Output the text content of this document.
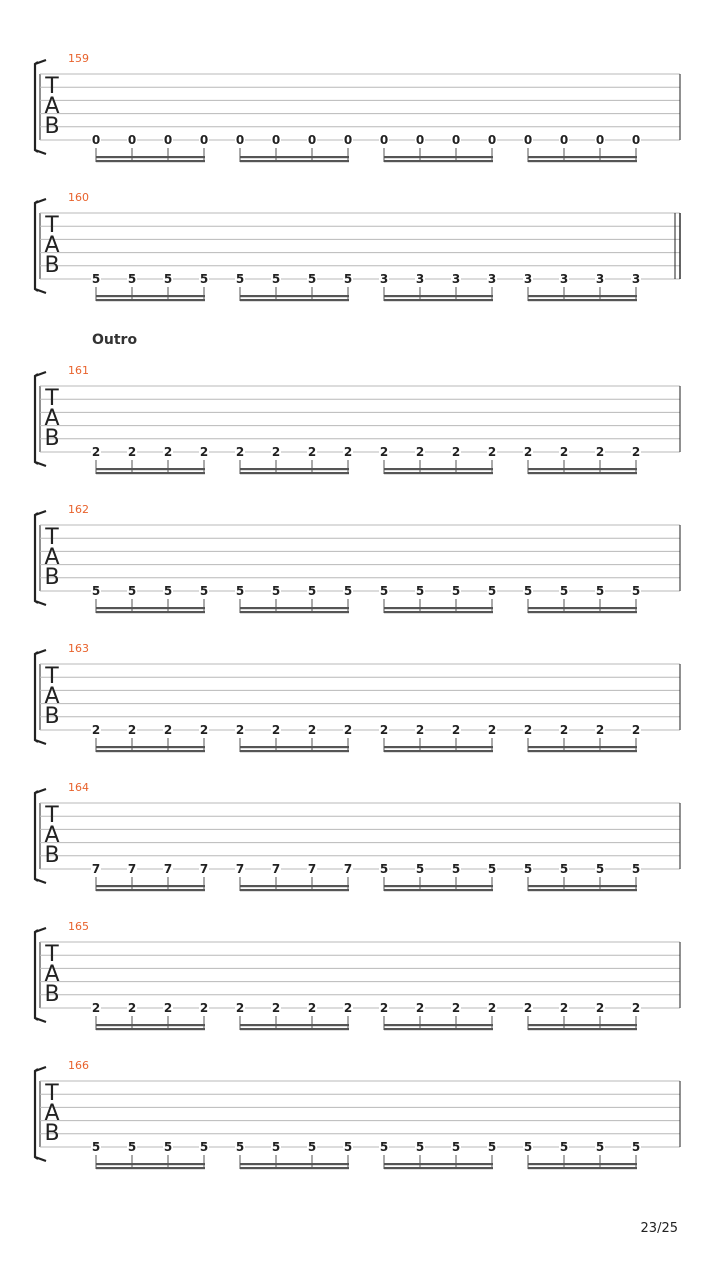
159
T
A
B
0 0 0 0 0 0 0 0 0 0 0 0 0 0 0 0
160
T
A
B
5 5 5 5 5 5 5 5 3 3 3 3 3 3 3 3
161
T
A
B
2 2 2 2 2 2 2 2 2 2 2 2 2 2 2 2
162
T
A
B
5 5 5 5 5 5 5 5 5 5 5 5 5 5 5 5
163
T
A
B
2 2 2 2 2 2 2 2 2 2 2 2 2 2 2 2
164
T
A
B
7 7 7 7 7 7 7 7 5 5 5 5 5 5 5 5
165
T
A
B
2 2 2 2 2 2 2 2 2 2 2 2 2 2 2 2
166
T
A
B
5 5 5 5 5 5 5 5 5 5 5 5 5 5 5 5
Outro
23/25
